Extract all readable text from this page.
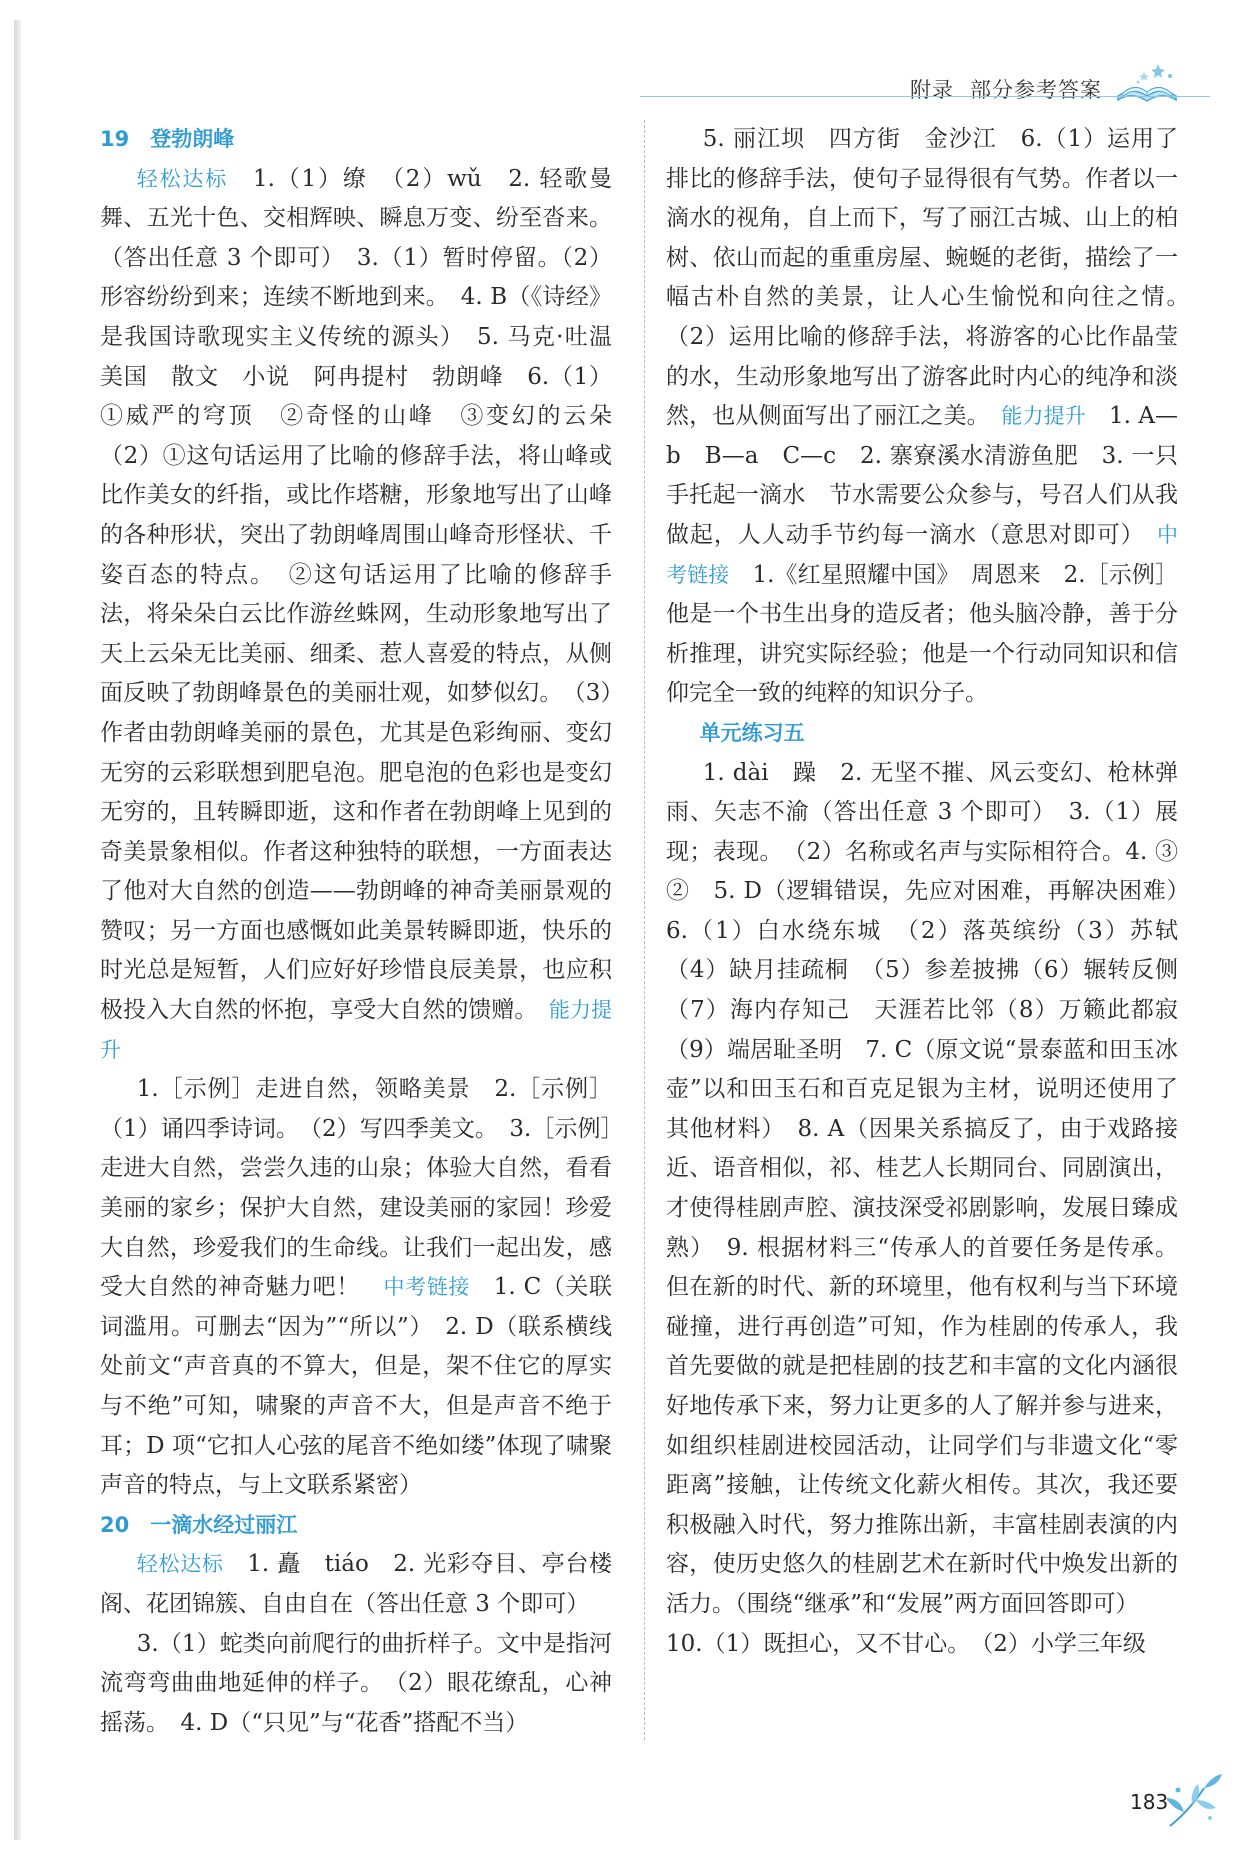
附录 部分参考答案

19　登勃朗峰

轻松达标　 1.（1）缭　（2）wǔ　2. 轻歌曼舞、五光十色、交相辉映、瞬息万变、纷至沓来。（答出任意 3 个即可）　3.（1）暂时停留。（2）形容纷纷到来；连续不断地到来。　4. B（《诗经》是我国诗歌现实主义传统的源头）　5. 马克·吐温　美国　散文　小说　阿冉提村　勃朗峰　6.（1）①威严的穹顶　②奇怪的山峰　③变幻的云朵　（2）①这句话运用了比喻的修辞手法，将山峰或比作美女的纤指，或比作塔糖，形象地写出了山峰的各种形状，突出了勃朗峰周围山峰奇形怪状、千姿百态的特点。　②这句话运用了比喻的修辞手法，将朵朵白云比作游丝蛛网，生动形象地写出了天上云朵无比美丽、细柔、惹人喜爱的特点，从侧面反映了勃朗峰景色的美丽壮观，如梦似幻。　（3）作者由勃朗峰美丽的景色，尤其是色彩绚丽、变幻无穷的云彩联想到肥皂泡。肥皂泡的色彩也是变幻无穷的，且转瞬即逝，这和作者在勃朗峰上见到的奇美景象相似。作者这种独特的联想，一方面表达了他对大自然的创造——勃朗峰的神奇美丽景观的赞叹；另一方面也感慨如此美景转瞬即逝，快乐的时光总是短暂，人们应好好珍惜良辰美景，也应积极投入大自然的怀抱，享受大自然的馈赠。　 能力提升

1.［示例］走进自然，领略美景　2.［示例］（1）诵四季诗词。　（2）写四季美文。　3.［示例］走进大自然，尝尝久违的山泉；体验大自然，看看美丽的家乡；保护大自然，建设美丽的家园！珍爱大自然，珍爱我们的生命线。让我们一起出发，感受大自然的神奇魅力吧！　 中考链接　 1. C（关联词滥用。可删去“因为”“所以”）　2. D（联系横线处前文“声音真的不算大，但是，架不住它的厚实与不绝”可知，啸聚的声音不大，但是声音不绝于耳；D 项“它扣人心弦的尾音不绝如缕”体现了啸聚声音的特点，与上文联系紧密）

20　一滴水经过丽江

轻松达标　 1. 矗　tiáo　2. 光彩夺目、亭台楼阁、花团锦簇、自由自在（答出任意 3 个即可）

3.（1）蛇类向前爬行的曲折样子。文中是指河流弯弯曲曲地延伸的样子。　（2）眼花缭乱，心神摇荡。　4. D（“只见”与“花香”搭配不当）

5. 丽江坝　四方街　金沙江　6.（1）运用了排比的修辞手法，使句子显得很有气势。作者以一滴水的视角，自上而下，写了丽江古城、山上的柏树、依山而起的重重房屋、蜿蜒的老街，描绘了一幅古朴自然的美景，让人心生愉悦和向往之情。　（2）运用比喻的修辞手法，将游客的心比作晶莹的水，生动形象地写出了游客此时内心的纯净和淡然，也从侧面写出了丽江之美。　 能力提升　 1. A—b　B—a　C—c　2. 寨寮溪水清游鱼肥　3. 一只手托起一滴水　节水需要公众参与，号召人们从我做起，人人动手节约每一滴水（意思对即可）　 中考链接　 1.《红星照耀中国》　周恩来　2.［示例］他是一个书生出身的造反者；他头脑冷静，善于分析推理，讲究实际经验；他是一个行动同知识和信仰完全一致的纯粹的知识分子。

单元练习五

1. dài　躁　2. 无坚不摧、风云变幻、枪林弹雨、矢志不渝（答出任意 3 个即可）　3.（1）展现；表现。　（2）名称或名声与实际相符合。4. ③　②　5. D（逻辑错误，先应对困难，再解决困难）　6.（1）白水绕东城　（2）落英缤纷（3）苏轼　（4）缺月挂疏桐　（5）参差披拂（6）辗转反侧　（7）海内存知己　天涯若比邻（8）万籁此都寂　（9）端居耻圣明　7. C（原文说“景泰蓝和田玉冰壶”以和田玉石和百克足银为主材，说明还使用了其他材料）　8. A（因果关系搞反了，由于戏路接近、语音相似，祁、桂艺人长期同台、同剧演出，才使得桂剧声腔、演技深受祁剧影响，发展日臻成熟）　9. 根据材料三“传承人的首要任务是传承。但在新的时代、新的环境里，他有权利与当下环境碰撞，进行再创造”可知，作为桂剧的传承人，我首先要做的就是把桂剧的技艺和丰富的文化内涵很好地传承下来，努力让更多的人了解并参与进来，如组织桂剧进校园活动，让同学们与非遗文化“零距离”接触，让传统文化薪火相传。其次，我还要积极融入时代，努力推陈出新，丰富桂剧表演的内容，使历史悠久的桂剧艺术在新时代中焕发出新的活力。（围绕“继承”和“发展”两方面回答即可）

10.（1）既担心，又不甘心。　（2）小学三年级

183
